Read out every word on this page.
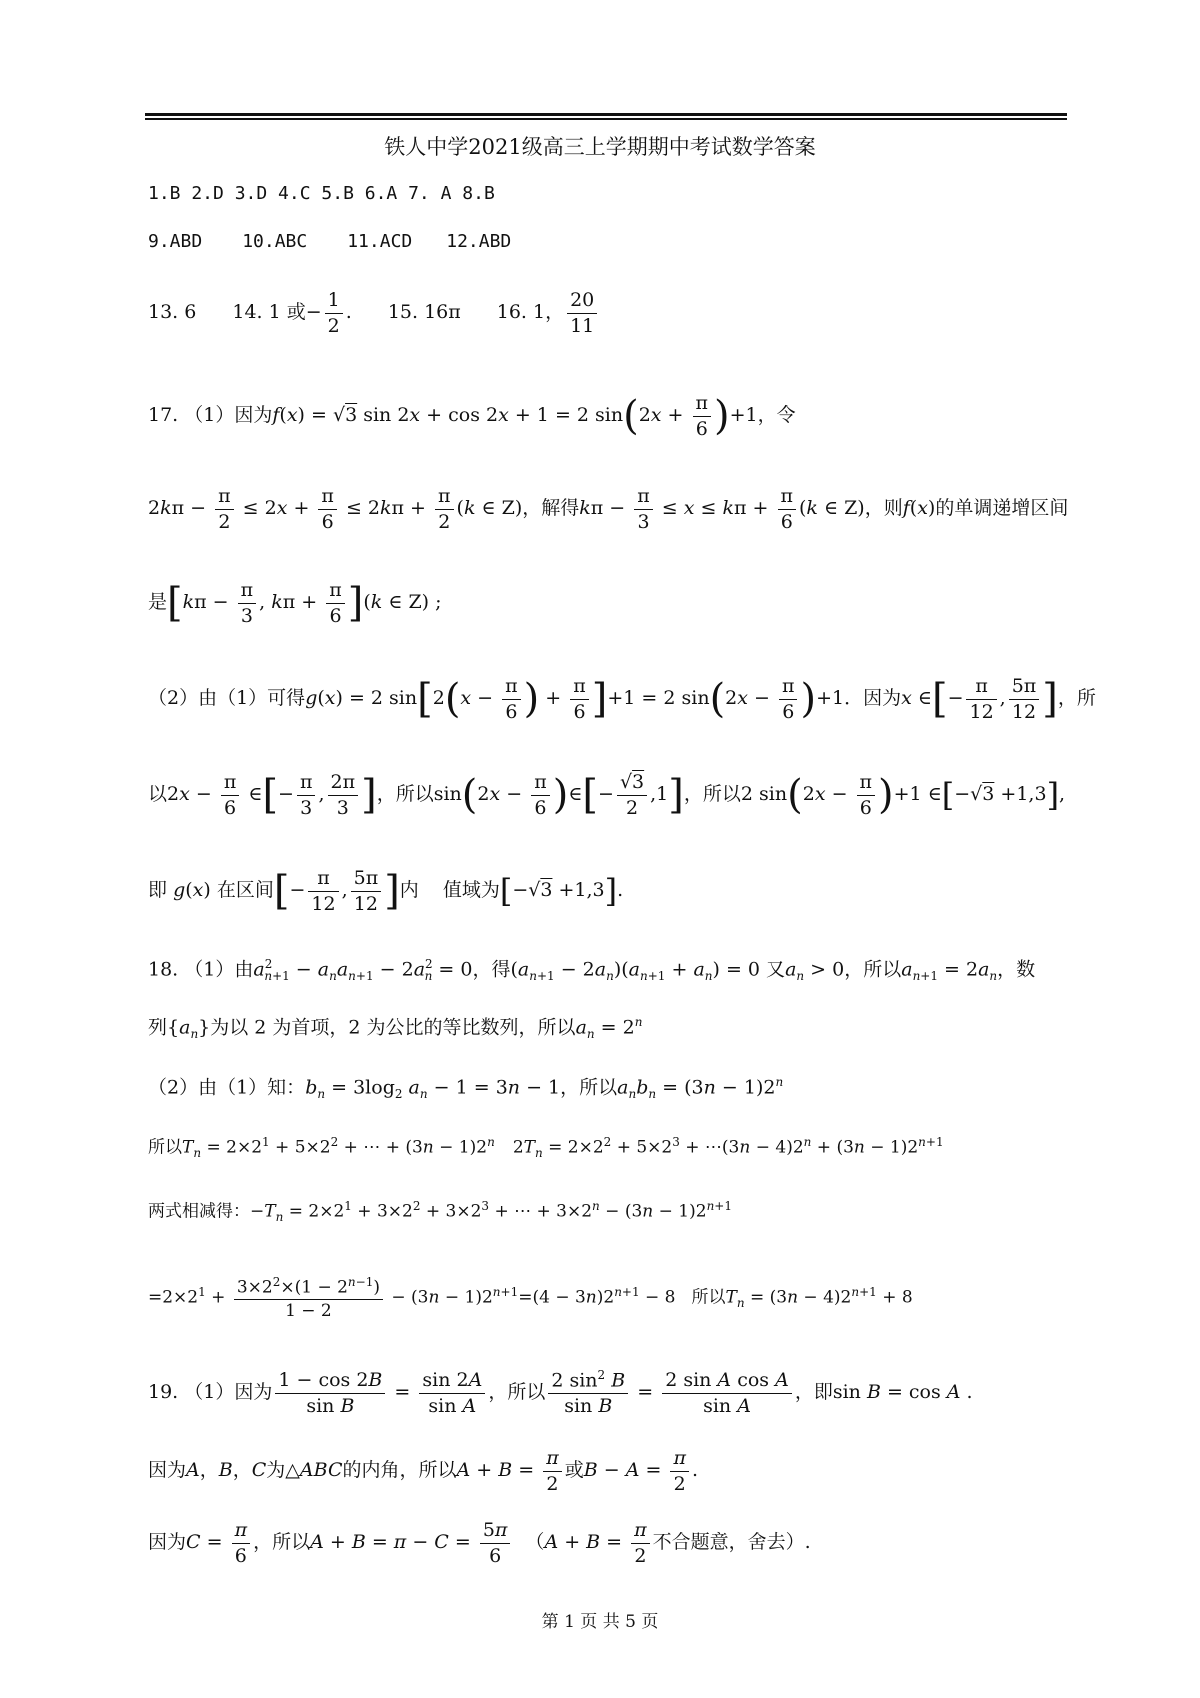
铁人中学2021级高三上学期期中考试数学答案
1.B 2.D 3.D 4.C 5.B 6.A 7. A 8.B
9.ABD 10.ABC 11.ACD 12.ABD
13. 6 14. 1 或− $\frac{1}{2}$ . 15. 16π 16. 1， $\frac{20}{11}$
17. （1）因为f(x) = √3 sin 2x + cos 2x + 1 = 2 $\sin(2x + \frac{\pi}{6} )+1$，令
$2k\pi - \frac{\pi}{2} \le 2x + \frac{\pi}{6} \le 2k\pi + \frac{\pi}{2} (k$ ∈ Z)，解得$k\pi - \frac{\pi}{3} \le x \le k\pi + \frac{\pi}{6} (k$ ∈ Z)，则f(x)的单调递增区间
是[$k\pi - \frac{\pi}{3}$ , $k\pi + \frac{\pi}{6} ](k$ ∈ Z) ;
（2）由（1）可得g(x) = 2 $\sin[2(x - \frac{\pi}{6}$ ) + $\frac{\pi}{6} ]+1 = 2$ $\sin(2x - \frac{\pi}{6} )+1$．因为x ∈[− $\frac{\pi}{12}$ , $\frac{5\pi}{12}$ ]，所
以$2x - \frac{\pi}{6}$ ∈[− $\frac{\pi}{3}$ , $\frac{2\pi}{3}$ ]，所以$\sin(2x - \frac{\pi}{6}$ )∈[− $\frac{√3}{2} ,1$]，所以2 $\sin(2x - \frac{\pi}{6} )+1$ ∈[−√3 +1,3],
即 g(x) 在区间[− $\frac{\pi}{12}$ , $\frac{5\pi}{12}$ ]内 值域为[−√3 +1,3].
18. （1）由$a^2_{n+1} - a_na_{n+1} - 2a^2_n = 0$，得$(a_{n+1} - 2a_n)(a_{n+1} + a_n) = 0$ 又$a_n > 0$，所以$a_{n+1} = 2a_n$，数
列$\{a_n\}$为以 2 为首项，2 为公比的等比数列，所以$a_n = 2^n$
（2）由（1）知：$b_n = 3\log_2$ $a_n - 1 = 3n - 1$，所以$a_nb_n = (3n - 1)2^n$
所以$T_n = 2\times 2^1 + 5\times 2^2$ + ⋯ + $(3n - 1)2^n$ $2T_n = 2\times 2^2 + 5\times 2^3$ + ⋯(3n − $4)2^n + (3n - 1)2^{n+1}$
两式相减得：$-T_n = 2\times 2^1 + 3\times 2^2 + 3\times 2^3$ + ⋯ + $3\times 2^n - (3n - 1)2^{n+1}$
$=2\times 2^1 + \frac{3\times 2^2\times(1 - 2^{n-1})}{1 - 2} - (3n - 1)2^{n+1}=(4 - 3n)2^{n+1} - 8$ 所以$T_n = (3n - 4)2^{n+1} + 8$
19. （1）因为 $\frac{1 - \cos 2B}{\text{sin B}} = \frac{\sin 2A}{\text{sin A}}$ ，所以 $\frac{2 \sin^2 B}{\text{sin B}} = \frac{\text{2 sin A cos A}}{\text{sin A}}$ ，即sin B = cos A .
因为A，B，C为△ABC的内角，所以$A + B = \frac{\pi}{2}$ 或$B - A = \frac{\pi}{2}$ .
因为$C = \frac{\pi}{6}$ ，所以$A + B = \pi - C = \frac{5\pi}{6} (A + B = \frac{\pi}{2}$ 不合题意，舍去）.
第 1 页 共 5 页
